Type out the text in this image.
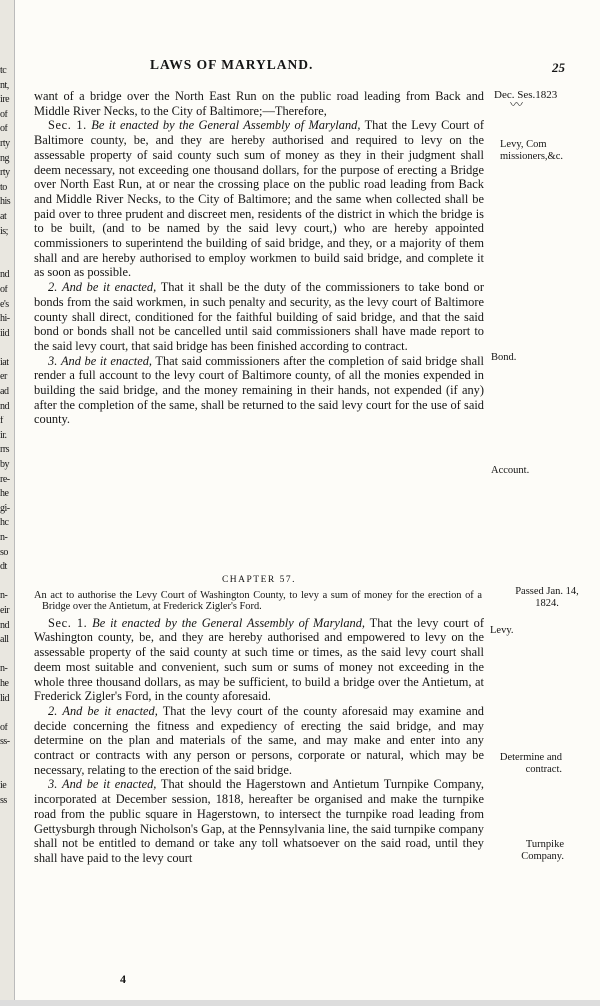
tc
nt,
ire
of
of
rty
ng
rty
to
his
at
is;
nd
of
e's
hi-
iid
iat
er
ad
nd
f
ir.
rrs
by
re-
he
gi-
hc
n-
so
dt
n-
eir
nd
all
n-
he
lid
of
ss-
ie
ss
LAWS OF MARYLAND.	25
Dec. Ses.1823
〰
Levy, Com missioners,&c.
Bond.
Account.
Passed Jan. 14, 1824.
Levy.
Determine and contract.
Turnpike Company.

want of a bridge over the North East Run on the public road leading from Back and Middle River Necks, to the City of Baltimore;—Therefore,

Sec. 1. Be it enacted by the General Assembly of Maryland, That the Levy Court of Baltimore county, be, and they are hereby authorised and required to levy on the assessable property of said county such sum of money as they in their judgment shall deem necessary, not exceeding one thousand dollars, for the purpose of erecting a Bridge over North East Run, at or near the crossing place on the public road leading from Back and Middle River Necks, to the City of Baltimore; and the same when collected shall be paid over to three prudent and discreet men, residents of the district in which the bridge is to be built, (and to be named by the said levy court,) who are hereby appointed commissioners to superintend the building of said bridge, and they, or a majority of them shall and are hereby authorised to employ workmen to build said bridge, and complete it as soon as possible.

2. And be it enacted, That it shall be the duty of the commissioners to take bond or bonds from the said workmen, in such penalty and security, as the levy court of Baltimore county shall direct, conditioned for the faithful building of said bridge, and that the said bond or bonds shall not be cancelled until said commissioners shall have made report to the said levy court, that said bridge has been finished according to contract.

3. And be it enacted, That said commissioners after the completion of said bridge shall render a full account to the levy court of Baltimore county, of all the monies expended in building the said bridge, and the money remaining in their hands, not expended (if any) after the completion of the same, shall be returned to the said levy court for the use of said county.

CHAPTER 57.
An act to authorise the Levy Court of Washington County, to levy a sum of money for the erection of a Bridge over the Antietum, at Frederick Zigler's Ford.

Sec. 1. Be it enacted by the General Assembly of Maryland, That the levy court of Washington county, be, and they are hereby authorised and empowered to levy on the assessable property of the said county at such time or times, as the said levy court shall deem most suitable and convenient, such sum or sums of money not exceeding in the whole three thousand dollars, as may be sufficient, to build a bridge over the Antietum, at Frederick Zigler's Ford, in the county aforesaid.

2. And be it enacted, That the levy court of the county aforesaid may examine and decide concerning the fitness and expediency of erecting the said bridge, and may determine on the plan and materials of the same, and may make and enter into any contract or contracts with any person or persons, corporate or natural, which may be necessary, relating to the erection of the said bridge.

3. And be it enacted, That should the Hagerstown and Antietum Turnpike Company, incorporated at December session, 1818, hereafter be organised and make the turnpike road from the public square in Hagerstown, to intersect the turnpike road leading from Gettysburgh through Nicholson's Gap, at the Pennsylvania line, the said turnpike company shall not be entitled to demand or take any toll whatsoever on the said road, until they shall have paid to the levy court

4
